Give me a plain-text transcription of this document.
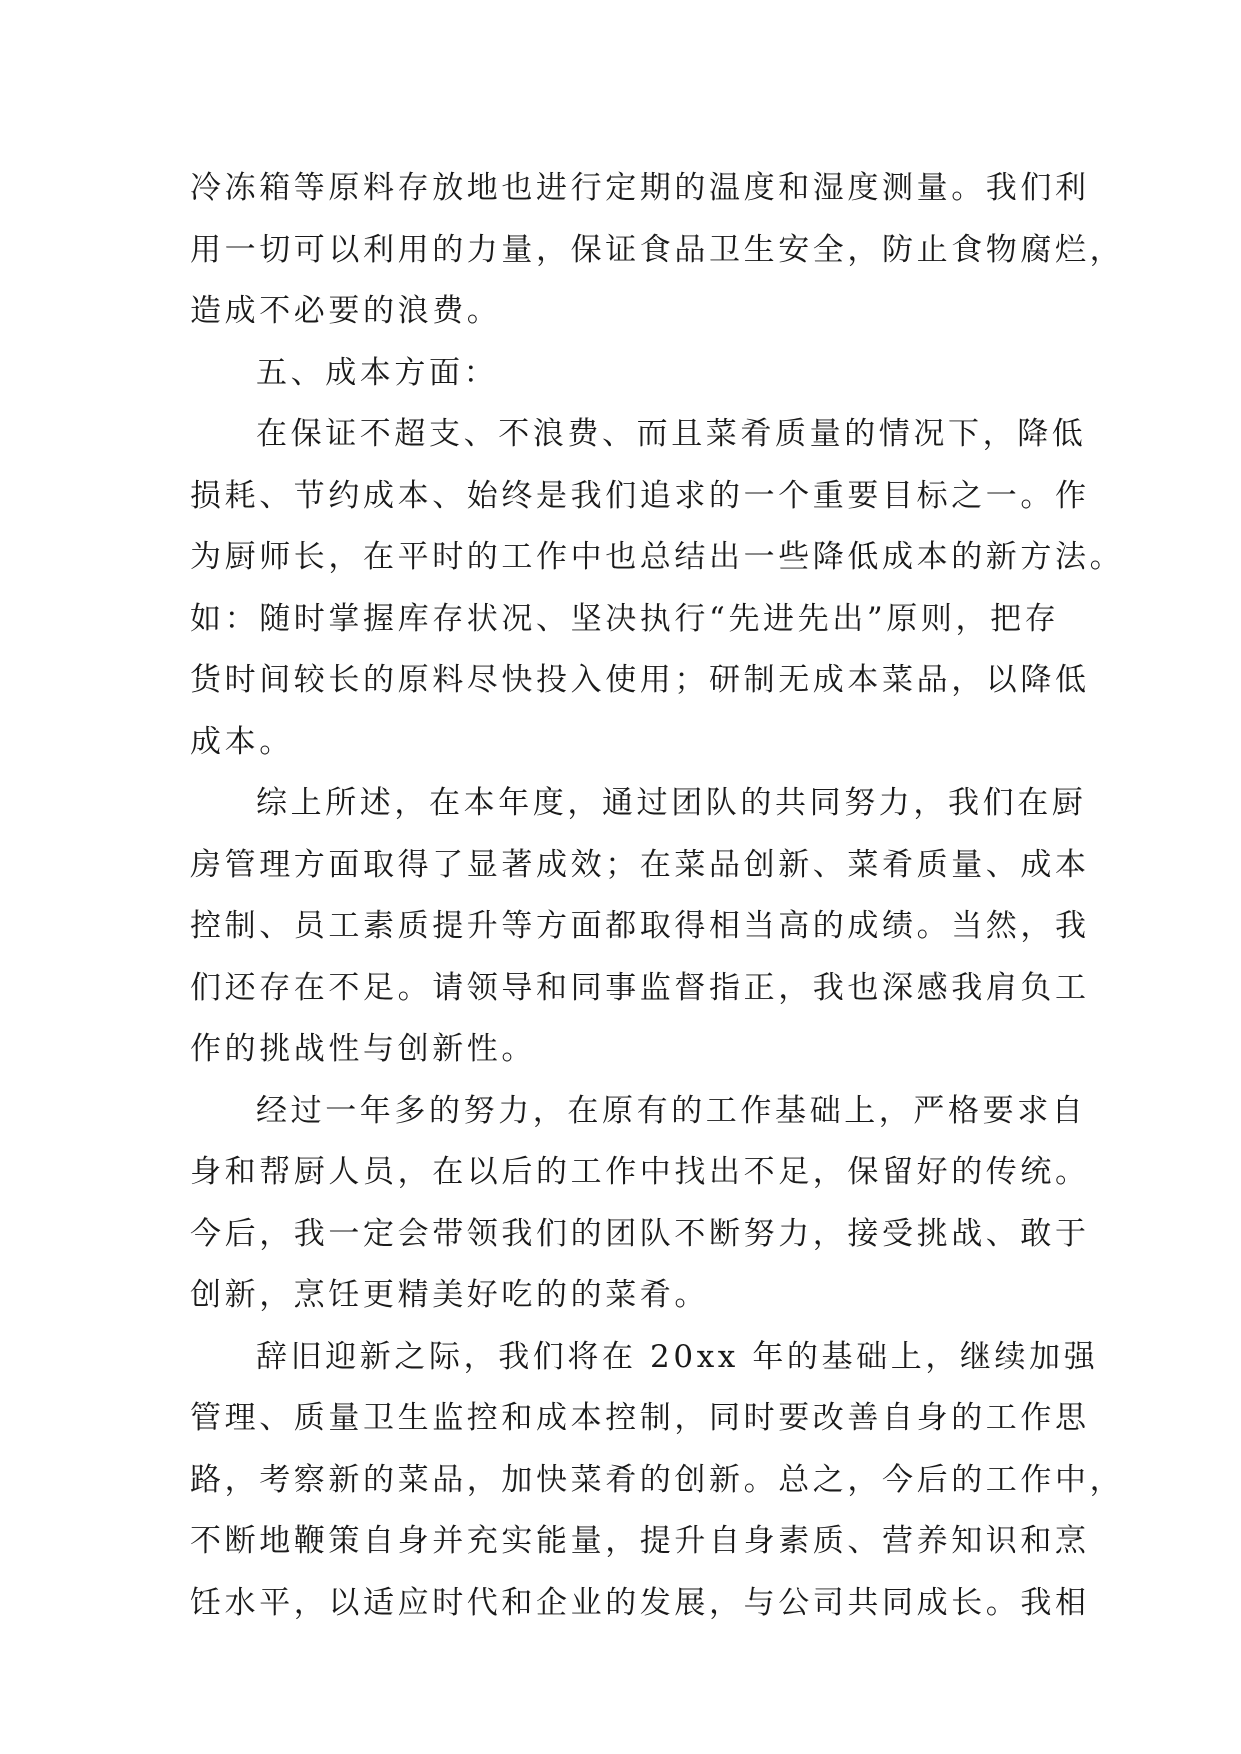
冷冻箱等原料存放地也进行定期的温度和湿度测量。我们利
用一切可以利用的力量，保证食品卫生安全，防止食物腐烂，
造成不必要的浪费。
五、成本方面：
在保证不超支、不浪费、而且菜肴质量的情况下，降低
损耗、节约成本、始终是我们追求的一个重要目标之一。作
为厨师长，在平时的工作中也总结出一些降低成本的新方法。
如：随时掌握库存状况、坚决执行“先进先出”原则，把存
货时间较长的原料尽快投入使用；研制无成本菜品，以降低
成本。
综上所述，在本年度，通过团队的共同努力，我们在厨
房管理方面取得了显著成效；在菜品创新、菜肴质量、成本
控制、员工素质提升等方面都取得相当高的成绩。当然，我
们还存在不足。请领导和同事监督指正，我也深感我肩负工
作的挑战性与创新性。
经过一年多的努力，在原有的工作基础上，严格要求自
身和帮厨人员，在以后的工作中找出不足，保留好的传统。
今后，我一定会带领我们的团队不断努力，接受挑战、敢于
创新，烹饪更精美好吃的的菜肴。
辞旧迎新之际，我们将在 20xx 年的基础上，继续加强
管理、质量卫生监控和成本控制，同时要改善自身的工作思
路，考察新的菜品，加快菜肴的创新。总之，今后的工作中，
不断地鞭策自身并充实能量，提升自身素质、营养知识和烹
饪水平，以适应时代和企业的发展，与公司共同成长。我相
